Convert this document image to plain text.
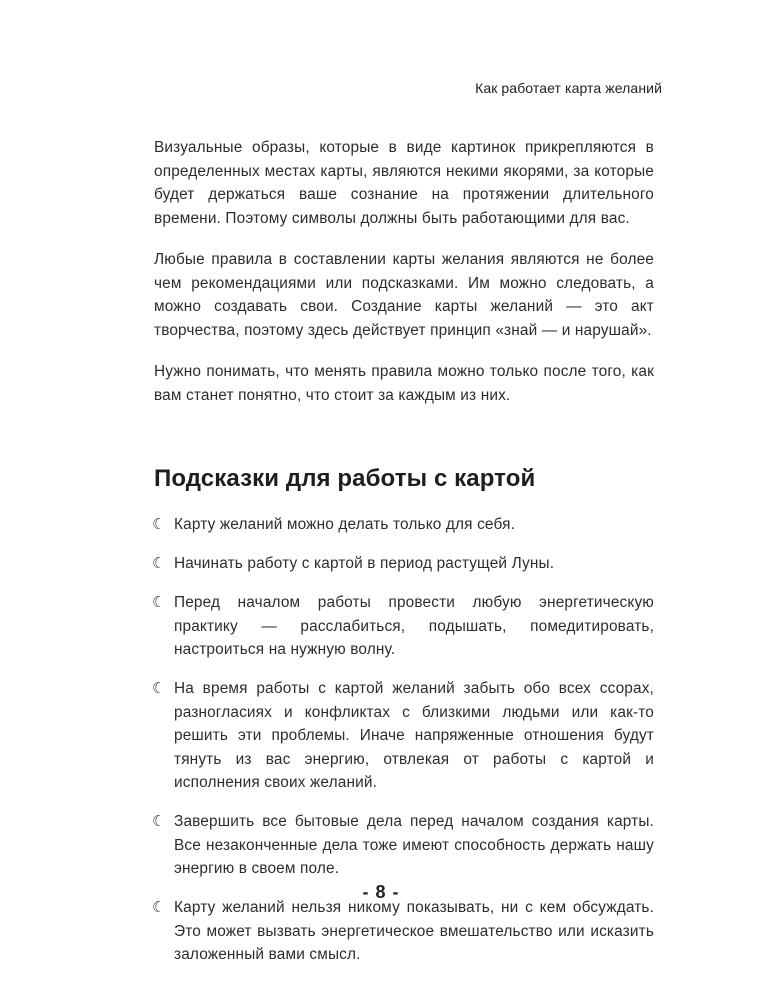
Как работает карта желаний

Визуальные образы, которые в виде картинок прикрепляются в определенных местах карты, являются некими якорями, за которые будет держаться ваше сознание на протяжении длительного времени. Поэтому символы должны быть работающими для вас.

Любые правила в составлении карты желания являются не более чем рекомендациями или подсказками. Им можно следовать, а можно создавать свои. Создание карты желаний — это акт творчества, поэтому здесь действует принцип «знай — и нарушай».

Нужно понимать, что менять правила можно только после того, как вам станет понятно, что стоит за каждым из них.

Подсказки для работы с картой
☾ Карту желаний можно делать только для себя.
☾ Начинать работу с картой в период растущей Луны.
☾ Перед началом работы провести любую энергетическую практику — расслабиться, подышать, помедитировать, настроиться на нужную волну.
☾ На время работы с картой желаний забыть обо всех ссорах, разногласиях и конфликтах с близкими людьми или как-то решить эти проблемы. Иначе напряженные отношения будут тянуть из вас энергию, отвлекая от работы с картой и исполнения своих желаний.
☾ Завершить все бытовые дела перед началом создания карты. Все незаконченные дела тоже имеют способность держать нашу энергию в своем поле.
☾ Карту желаний нельзя никому показывать, ни с кем обсуждать. Это может вызвать энергетическое вмешательство или исказить заложенный вами смысл.
- 8 -
